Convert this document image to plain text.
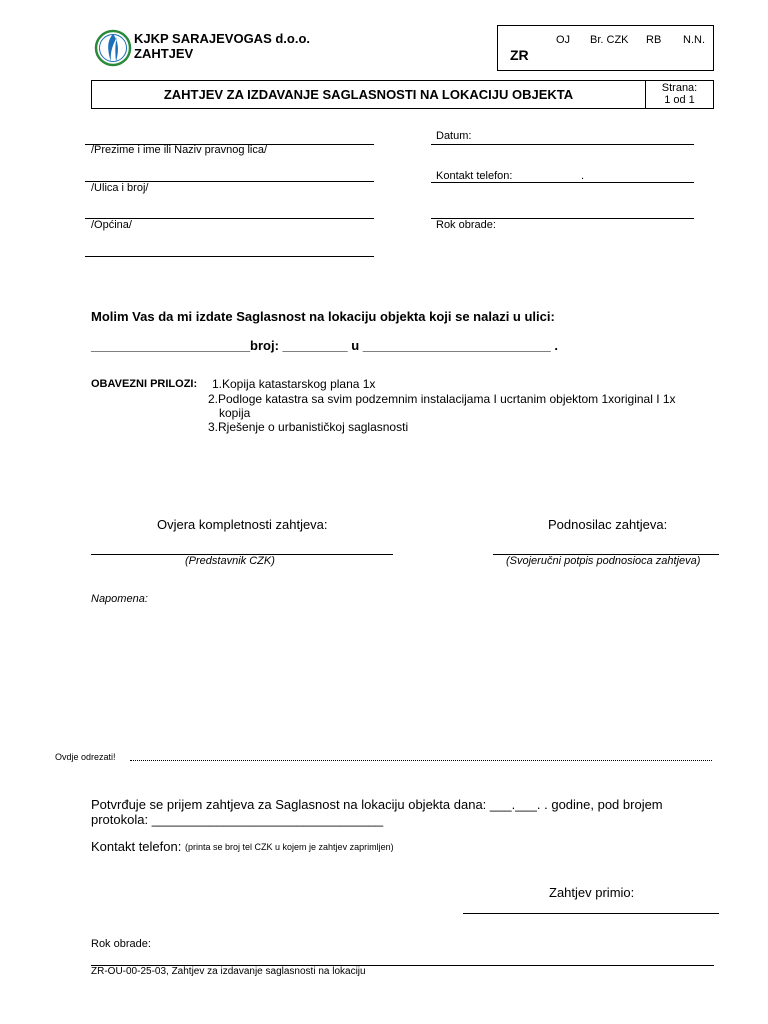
KJKP SARAJEVOGAS d.o.o.
ZAHTJEV	ZR
OJ Br. CZK RB N.N.
ZAHTJEV ZA IZDAVANJE SAGLASNOSTI NA LOKACIJU OBJEKTA	Strana:
1 od 1
/Prezime i ime ili Naziv pravnog lica/
/Ulica i broj/
/Općina/
Datum:
Kontakt telefon:	.
Rok obrade:
Molim Vas da mi izdate Saglasnost na lokaciju objekta koji se nalazi u ulici:
______________________broj: _________ u __________________________ .
OBAVEZNI PRILOZI: 1.Kopija katastarskog plana 1x
2.Podloge katastra sa svim podzemnim instalacijama I ucrtanim objektom 1xoriginal I 1x
kopija
3.Rješenje o urbanističkoj saglasnosti
Ovjera kompletnosti zahtjeva:
(Predstavnik CZK)
Podnosilac zahtjeva:
(Svojeručni potpis podnosioca zahtjeva)
Napomena:
Ovdje odrezati!
Potvrđuje se prijem zahtjeva za Saglasnost na lokaciju objekta dana: ___.___. . godine, pod brojem
protokola: ________________________________
Kontakt telefon: (printa se broj tel CZK u kojem je zahtjev zaprimljen)
Zahtjev primio:
Rok obrade:
ZR-OU-00-25-03, Zahtjev za izdavanje saglasnosti na lokaciju
